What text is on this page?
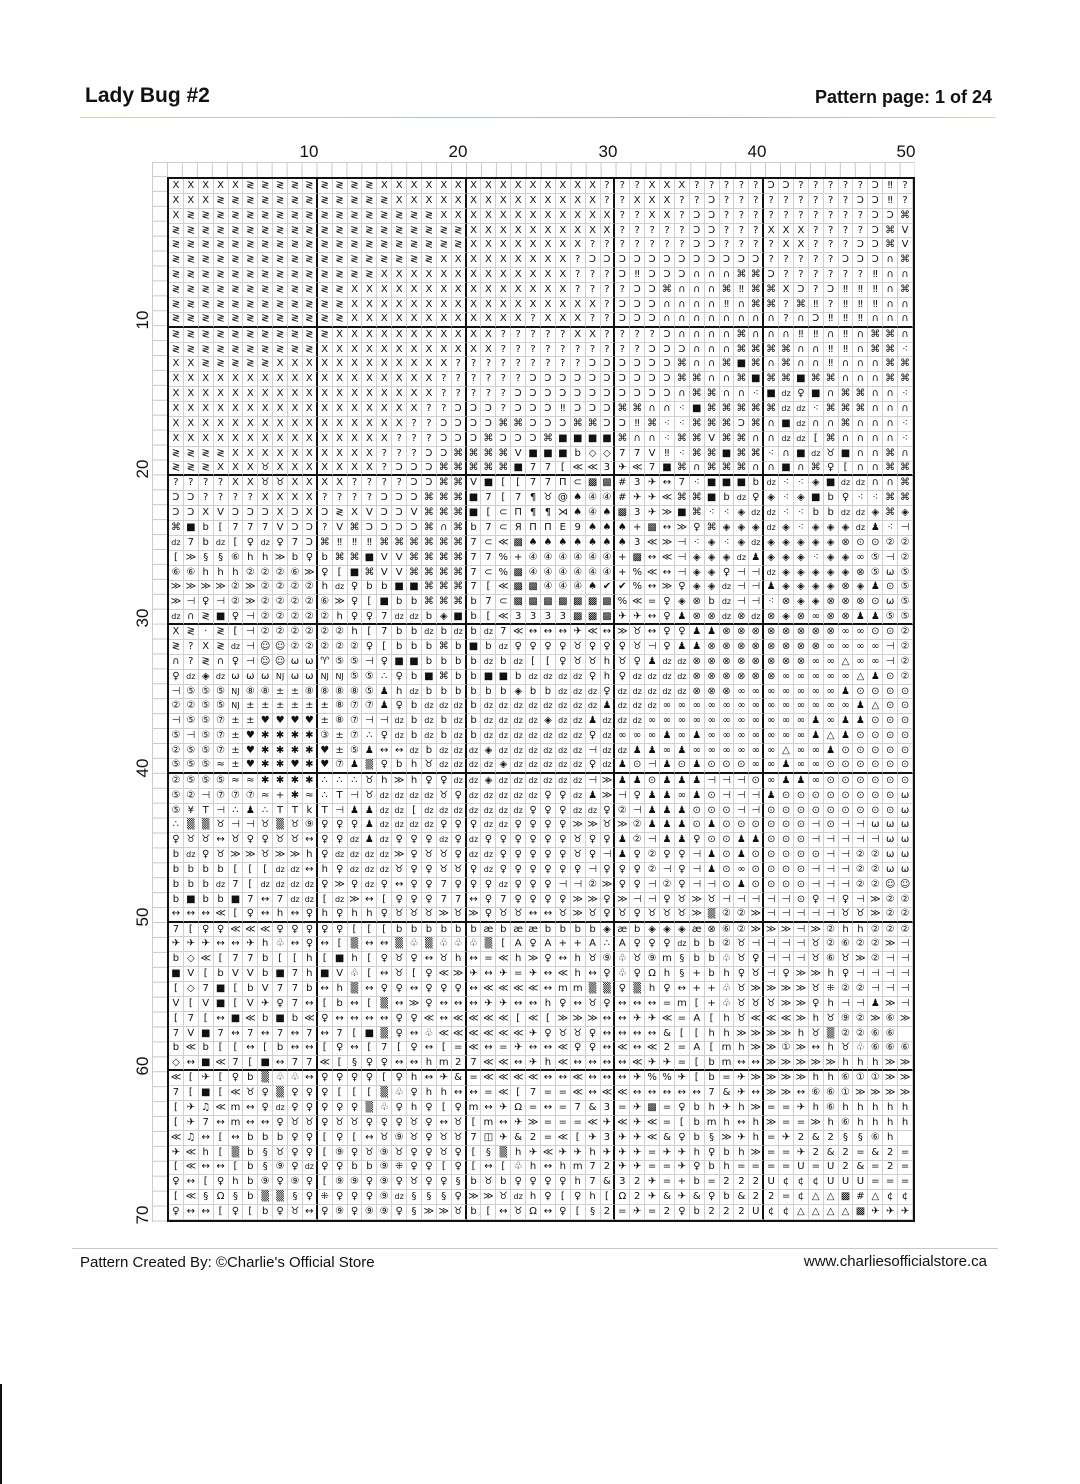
Lady Bug #2	Pattern page: 1 of 24
10	20	30	40	50
10
20
30
40
50
60
70
X X X X X ≷ ≷ ≷ ≷ ≷ ≷ ≷ ≷ ≷ X X X X X X X X X X X X X X X ?	? ? X X X ? ? ? ? ? Ɔ Ɔ ? ? ? ? ? Ɔ ‼ ?
X X X ≷ ≷ ≷ ≷ ≷ ≷ ≷ ≷ ≷ ≷ ≷ ≷ X X X X X X X X X X X X X X ?	? X X X ? ? Ɔ ? ? ?	? ? ? ? ? ? Ɔ Ɔ ‼ ?
X ≷ ≷ ≷ ≷ ≷ ≷ ≷ ≷ ≷ ≷ ≷ ≷ ≷ ≷ ≷ ≷ ≷ X X X X X X X X X X X X ? ? X X ? Ɔ Ɔ ? ? ?	? ? ? ? ? ? ? Ɔ Ɔ ⌘
≷ ≷ ≷ ≷ ≷ ≷ ≷ ≷ ≷ ≷ ≷ ≷ ≷ ≷ ≷ ≷ ≷ ≷ ≷ ≷ X X X X X X X X X X ? ? ? ? ? Ɔ Ɔ ? ? ? X X X ? ? ? ? Ɔ ⌘ V
≷ ≷ ≷ ≷ ≷ ≷ ≷ ≷ ≷ ≷ ≷ ≷ ≷ ≷ ≷ ≷ ≷ ≷ ≷ ≷ X X X X X X X X ? ?	? ? ? ? ? Ɔ Ɔ ? ? ?	? X X ? ? ? Ɔ Ɔ ⌘ V
≷ ≷ ≷ ≷ ≷ ≷ ≷ ≷ ≷ ≷ ≷ ≷ ≷ ≷ ≷ ≷ ≷ ≷ X X X X X X X X X ? Ɔ Ɔ Ɔ Ɔ Ɔ Ɔ Ɔ Ɔ Ɔ Ɔ Ɔ Ɔ ? ? ? ? ? Ɔ Ɔ Ɔ ∩ ⌘
≷ ≷ ≷ ≷ ≷ ≷ ≷ ≷ ≷ ≷ ≷ ≷ ≷ ≷ X X X X X X X X X X X X X ? ? ? Ɔ ‼ Ɔ Ɔ Ɔ ∩ ∩ ∩ ⌘ ⌘ Ɔ ? ? ? ? ? ? ‼ ∩ ∩
≷ ≷ ≷ ≷ ≷ ≷ ≷ ≷ ≷ ≷ ≷ ≷ X X X X X X X X X X X X X X X ? ? ?	? Ɔ Ɔ ⌘ ∩ ∩ ∩ ⌘ ‼ ⌘ ⌘ X Ɔ ? Ɔ ‼	‼	‼ ∩ ⌘
≷ ≷ ≷ ≷ ≷ ≷ ≷ ≷ ≷ ≷ ≷ ≷ X X X X X X X X X X X X X X X X X ? Ɔ Ɔ Ɔ ∩ ∩ ∩ ∩ ‼ ∩ ⌘ ⌘ ? ⌘ ‼ ? ‼	‼	‼ ∩ ∩
≷ ≷ ≷ ≷ ≷ ≷ ≷ ≷ ≷ ≷ ≷ ≷ X X X X X X X X X X X X ? X X X ? ? Ɔ Ɔ Ɔ ∩ ∩ ∩ ∩ ∩ ∩ ∩ ∩ ? ∩ Ɔ ‼	‼	‼ ∩ ∩ ∩
≷ ≷ ≷ ≷ ≷ ≷ ≷ ≷ ≷ ≷ ≷ X X X X X X X X X X X ? ? ? ? ? X X ?	? ? ? Ɔ ∩ ∩ ∩ ∩ ⌘ ∩ ∩ ∩ ‼	‼ ∩ ‼ ∩ ⌘ ⌘ ∩
≷ ≷ ≷ ≷ ≷ ≷ ≷ ≷ ≷ ≷ X X X X X X X X X X X X ? ? ? ? ? ? ? ?	? ? Ɔ Ɔ Ɔ ∩ ∩ ∩ ⌘ ⌘ ⌘ ⌘ ∩ ∩ ‼	‼ ∩ ⌘ ⌘ ⁖
X X ≷ ≷ ≷ ≷ ≷ X X X X X X X X X X X X ?	? ? ? ? ? ? ? ? Ɔ Ɔ Ɔ Ɔ Ɔ Ɔ ⌘ ∩ ∩ ⌘ ■ ⌘ ∩ ⌘ ∩ ∩ ‼ ∩ ∩ ∩ ⌘ ⌘
X X X X X X X X X X X X X X X X X X ? ?	? ? ? ? Ɔ Ɔ Ɔ Ɔ Ɔ Ɔ Ɔ Ɔ Ɔ Ɔ ⌘ ⌘ ∩ ∩ ⌘ ■ ⌘ ⌘ ■ ⌘ ⌘ ∩ ∩ ∩ ⌘ ⌘
X X X X X X X X X X X X X X X X X X ? ?	? ? ? Ɔ Ɔ Ɔ Ɔ Ɔ Ɔ Ɔ Ɔ Ɔ Ɔ Ɔ ∩ ⌘ ⌘ ∩ ∩ ⁖ ■ dz ♀ ■ ∩ ⌘ ⌘ ∩ ∩ ⁖
X X X X X X X X X X X X X X X X X ? ? Ɔ Ɔ Ɔ ? Ɔ Ɔ Ɔ ‼ Ɔ Ɔ Ɔ ⌘ ⌘ ∩ ∩ ⁖ ■ ⌘ ⌘ ⌘ ⌘ ⌘ dz dz ⁖ ⌘ ⌘ ⌘ ∩ ∩ ∩
X X X X X X X X X X X X X X X X ? ? Ɔ Ɔ Ɔ Ɔ ⌘ ⌘ Ɔ Ɔ Ɔ ⌘ ⌘ Ɔ Ɔ ‼ ⌘ ⁖ ⁖ ⌘ ⌘ ⌘ Ɔ ⌘ ∩ ■ dz ∩ ∩ ⌘ ∩ ∩ ∩ ⁖
X X X X X X X X X X X X X X X ? ? ? Ɔ Ɔ Ɔ ⌘ Ɔ Ɔ Ɔ ⌘ ■ ■ ■ ■ ⌘ ∩ ∩ ⁖ ⌘ ⌘ V ⌘ ⌘ ∩ ∩ dz dz [ ⌘ ∩ ∩ ∩ ∩ ⁖
≷ ≷ ≷ ≷ X X X X X X X X X X ? ? ? Ɔ Ɔ ⌘ ⌘ ⌘ ⌘ V ■ ■ ■ b ◇ ◇ 7 7 V ‼ ⁖ ⌘ ⌘ ■ ⌘ ⌘ ⁖ ∩ ■ dz ♉ ■ ∩ ∩ ⌘ ∩
≷ ≷ ≷ X X X ♉ X X X X X X X ? Ɔ Ɔ Ɔ ⌘ ⌘ ⌘ ⌘ ⌘ ■ 7 7 [ ≪ ≪ 3 ✈ ≪ 7 ■ ⌘ ∩ ⌘ ⌘ ⌘ ∩ ∩ ■ ∩ ⌘ ♀ [ ∩ ∩ ⌘ ⌘
? ? ? ? X X ♉ ♉ X X X X ? ? ? ? Ɔ Ɔ ⌘ ⌘ V ■ [	[ 7 7 Π ⊂ ▩ ▩ # 3 ✈ ↔ 7 ⁖ ■ ■ ■ b dz ⁖ ⁖ ◈ ■ dz dz ∩ ∩ ⌘
Ɔ Ɔ ? ? ? ? X X X X ? ? ? ? Ɔ Ɔ Ɔ ⌘ ⌘ ⌘ ■ 7 [ 7 ¶ ♉ @ ♠ ④ ④ # ✈ ✈ ≪ ⌘ ⌘ ■ b dz ♀ ◈ ⁖ ◈ ■ b ♀ ⁖ ⁖ ⌘ ⌘
Ɔ Ɔ X V Ɔ Ɔ Ɔ X Ɔ X Ɔ ≷ X V Ɔ Ɔ V ⌘ ⌘ ⌘ ■ [ ⊂ Π ¶ ¶ ⋊ ♠ ④ ♠ ▩ 3 ✈ ≫ ■ ⌘ ⁖ ⁖ ◈ dz dz ⁖ ⁖ b b dz dz ◈ ⌘ ◈
⌘ ■ b [ 7 7 7 V Ɔ Ɔ ? V ⌘ Ɔ Ɔ Ɔ Ɔ ⌘ ∩ ⌘ b 7 ⊂ Я Π Π E 9 ♠ ♠ ♠ + ▩ ↔ ≫ ♀ ⌘ ◈ ◈ ◈ dz ◈ ⁖ ◈ ◈ ◈ dz ♟ ⁖ ⊣
dz 7 b dz [ ♀ dz ♀ 7 Ɔ ⌘ ‼	‼	‼ ⌘ ⌘ ⌘ ⌘ ⌘ ⌘ 7 ⊂ ≪ ▩ ♠ ♠ ♠ ♠ ♠ ♠ ♠ 3 ≪ ≫ ⊣ ⁖ ◈ ⁖ ◈ dz ◈ ◈ ◈ ◈ ◈ ⊗ ⊙ ⊙ ② ②
[ ≫ § § ⑥ h h ≫ b ♀ b ⌘ ⌘ ■ V V ⌘ ⌘ ⌘ ⌘ 7 7 % + ④ ④ ④ ④ ④ ④ + ▩ ↔ ≪ ⊣ ◈ ◈ ◈ dz ♟ ◈ ◈ ◈ ⁖ ◈ ◈ ∞ ⑤ ⊣ ②
⑥ ⑥ h h h ② ② ② ⑥ ≫ ♀ [ ■ ⌘ V V ⌘ ⌘ ⌘ ⌘ 7 ⊂ % ▩ ④ ④ ④ ④ ④ ④ + % ≪ ↔ ⊣ ◈ ◈ ♀ ⊣ ⊣ dz ◈ ◈ ◈ ◈ ◈ ⊗ ⑤ ω ⑤
≫ ≫ ≫ ≫ ② ≫ ② ② ② ② h dz ♀ b b ■ ■ ⌘ ⌘ ⌘ 7 [ ≪ ▩ ▩ ④ ④ ④ ♠ ✔ ✔ % ↔ ≫ ♀ ◈ ◈ dz ⊣ ⊣ ♟ ◈ ◈ ◈ ◈ ⊗ ◈ ♟ ⊙ ⑤
≫ ⊣ ♀ ⊣ ② ≫ ② ② ② ② ⑥ ≫ ♀ [ ■ b b ⌘ ⌘ ⌘ b 7 ⊂ ▩ ▩ ▩ ▩ ▩ ▩ ▩ % ≪ = ♀ ◈ ⊗ b dz ⊣ ⊣ ⁖ ⊗ ◈ ◈ ⊗ ⊗ ⊗ ⊙ ω ⑤
dz ∩ ≷ ■ ♀ ⊣ ② ② ② ② ② h ♀ ♀ 7 dz dz b ◈ ■ b [ ≪ 3 3 3 3 ▩ ▩ ▩ ✈ ✈ ↔ ♀ ♟ ⊗ ⊗ dz ⊗ dz ⊗ ◈ ⊗ ∞ ⊗ ⊗ ♟ ♟ ⑤ ⑤
X ≷ · ≷ [ ⊣ ② ② ② ② ② ② h [ 7 b b dz b dz b dz 7 ≪ ↔ ↔ ↔ ✈ ≪ ↔ ≫ ♉ ↔ ♀ ♀ ♟ ♟ ⊗ ⊗ ⊗ ⊗ ⊗ ⊗ ⊗ ⊗ ∞ ∞ ⊙ ⊙ ②
≷ ? X ≷ dz ⊣ ☺ ☺ ② ② ② ② ② ♀ [ b b b ⌘ b ■ b dz ♀ ♀ ♀ ♀ ♉ ♀ ♀ ♀ ♉ ⊣ ♀ ♟ ♟ ⊗ ⊗ ⊗ ⊗ ⊗ ⊗ ⊗ ⊗ ∞ ∞ ∞ ∞ ⊣ ②
∩ ? ≷ ∩ ♀ ⊣ ☺ ☺ ω ω ♈ ⑤ ⑤ ⊣ ♀ ■ ■ b b b b dz b dz [	[ ♀ ♉ ♉ h ♉ ♀ ♟ dz dz ⊗ ⊗ ⊗ ⊗ ⊗ ⊗ ⊗ ⊗ ∞ ∞ △ ∞ ∞ ⊣ ②
♀ dz ◈ dz ω ω ω NJ ω ω NJ NJ ⑤ ⑤ ∴ ♀ b ■ ⌘ b b ■ ■ b dz dz dz dz ♀ h ♀ dz dz dz dz ⊗ ⊗ ⊗ ⊗ ⊗ ⊗ ∞ ∞ ∞ ∞ ∞ △ ♟ ⊙ ②
⊣ ⑤ ⑤ ⑤ NJ ⑧ ⑧ ± ± ⑧ ⑧ ⑧ ⑧ ⑤ ♟ h dz b b b b b b ◈ b b dz dz dz ♀ dz dz dz dz dz ⊗ ⊗ ⊗ ∞ ∞ ∞ ∞ ∞ ∞ ∞ ♟ ⊙ ⊙ ⊙ ⊙
② ② ⑤ ⑤ NJ ± ± ± ± ± ± ⑧ ⑦ ⑦ ♟ ♀ b dz dz dz b dz dz dz dz dz dz dz dz ♟ dz dz dz ∞ ∞ ∞ ∞ ∞ ∞ ∞ ∞ ∞ ∞ ∞ ∞ ∞ ♟ △ ⊙ ⊙
⊣ ⑤ ⑤ ⑦ ± ± ♥ ♥ ♥ ♥ ± ⑧ ⑦ ⊣ ⊣ dz b dz b dz b dz dz dz dz ◈ dz dz ♟ dz dz dz ∞ ∞ ∞ ∞ ∞ ∞ ∞ ∞ ∞ ∞ ∞ ♟ ∞ ♟ ♟ ⊙ ⊙ ⊙
⑤ ⊣ ⑤ ⑦ ± ♥ ✱ ✱ ✱ ✱ ③ ± ⑦ ∴ ♀ dz b dz b dz b dz dz dz dz dz dz dz ♀ dz ∞ ∞ ∞ ♟ ∞ ♟ ∞ ∞ ∞ ∞ ∞ ∞ ∞ ♟ △ ♟ ⊙ ⊙ ⊙ ⊙
② ⑤ ⑤ ⑦ ± ♥ ✱ ✱ ✱ ✱ ♥ ± ⑤ ♟ ↔ ↔ dz b dz dz dz ◈ dz dz dz dz dz dz ⊣ dz dz ♟ ♟ ∞ ♟ ∞ ∞ ∞ ∞ ∞ ∞ △ ∞ ∞ ♟ ⊙ ⊙ ⊙ ⊙ ⊙
⑤ ⑤ ⑤ ≈ ± ♥ ✱ ✱ ♥ ✱ ♥ ⑦ ♟ ▒ ♀ b h ♉ dz dz dz dz ◈ dz dz dz dz dz ♀ dz ♟ ⊙ ⊣ ♟ ⊙ ♟ ⊙ ⊙ ⊙ ∞ ∞ ♟ ∞ ∞ ⊙ ⊙ ⊙ ⊙ ⊙ ⊙
② ⑤ ⑤ ⑤ ≈ ≈ ✱ ✱ ✱ ✱ ∴ ∴ ∴ ♉ h ≫ h ♀ ♀ dz dz ◈ dz dz dz dz dz dz ⊣ ≫ ♟ ♟ ⊙ ♟ ♟ ♟ ⊣ ⊣ ⊣ ⊙ ∞ ♟ ♟ ∞ ⊙ ⊙ ⊙ ⊙ ⊙ ⊙
⑤ ② ⊣ ⑦ ⑦ ⑦ ≈ + ✱ ≈ ∴ T ⊣ ♉ dz dz dz dz ♉ ♀ dz dz dz dz dz ♀ ♀ dz ♟ ≫ ⊣ ♀ ♟ ♟ ∞ ♟ ⊙ ⊣ ⊣ ⊣ ♟ ⊙ ⊙ ⊙ ⊙ ⊙ ⊙ ⊙ ⊙ ω
⑤ ¥ T ⊣ ∴ ♟ ∴ T T k T ⊣ ♟ ♟ dz dz [	dz dz dz dz dz dz dz ♀ ♀ ♀ dz dz ♀ ② ⊣ ♟ ♟ ♟ ⊙ ⊙ ⊙ ⊣ ⊣ ⊙ ⊙ ⊙ ⊙ ⊙ ⊙ ⊙ ⊙ ⊙ ω
∴ ▒ ▒ ♉ ⊣ ⊣ ♉ ▒ ♉ ⑨ ♀ ♀ ♀ ♟ dz dz dz dz ♀ ♀ ♀ dz dz ♀ ♀ ♀ ♀ ≫ ≫ ♉ ≫ ② ♟ ♟ ♟ ⊙ ♟ ⊙ ⊙ ⊙ ⊙ ⊙ ⊙ ⊣ ⊙ ⊣ ⊣ ω ω ω
♀ ♉ ♉ ↔ ♉ ♀ ♀ ♉ ♉ ↔ ♀ ♀ dz ♟ dz ♀ ♀ ♀ dz ♀ dz ♀ ♀ ♀ ♀ ♀ ♀ ♉ ♀ ♀ ♟ ② ⊣ ♟ ♟ ♀ ⊙ ⊙ ♟ ♟ ⊙ ⊙ ⊙ ⊣ ⊣ ⊣ ⊣ ⊣ ω ω
b dz ♀ ♉ ≫ ≫ ♉ ≫ ≫ h ♀ dz dz dz dz ≫ ♀ ♉ ♉ ♀ dz dz ♀ ♀ ♀ ♀ ♀ ♉ ♀ ⊣ ♟ ♀ ② ♀ ♀ ⊣ ♟ ⊙ ♟ ⊙ ⊙ ⊙ ⊙ ⊙ ⊣ ⊣ ② ② ω ω
b b b b [	[	[	dz dz ↔ h ♀ dz dz dz ♉ ♀ ♀ ♉ ♉ ♀ dz ♀ ♀ ♀ ♀ ♀ ♀ ⊣ ♀ ♀ ♀ ② ⊣ ♀ ⊣ ♟ ⊙ ∞ ⊙ ⊙ ⊙ ⊙ ⊣ ⊣ ⊣ ② ② ω ω
b b b dz 7 [	dz dz dz dz ♀ ≫ ♀ dz ♀ ↔ ♀ ♀ 7 ♀ ♀ ♀ dz ♀ ♀ ♀ ⊣ ⊣ ② ≫ ♀ ♀ ⊣ ② ♀ ⊣ ⊣ ⊙ ♟ ⊙ ⊙ ⊙ ⊙ ⊣ ⊣ ⊣ ② ② ☺ ☺
b ■ b b ■ 7 ↔ 7 dz dz [	dz ≫ ↔ [ ♀ ♀ ♀ 7 7 ↔ ♀ 7 ♀ ♀ ♀ ♀ ≫ ≫ ♀ ≫ ⊣ ⊣ ♀ ♉ ≫ ♉ ⊣ ⊣ ⊣ ⊣ ⊣ ⊙ ♀ ⊣ ♀ ⊣ ≫ ② ②
↔ ↔ ↔ ≪ [ ♀ ↔ h ↔ ♀ h ♀ h h ♀ ♉ ♉ ♉ ≫ ♉ ≫ ♀ ♉ ♉ ↔ ↔ ♉ ≫ ♉ ♀ ♉ ♀ ♉ ♉ ♉ ≫ ▒ ② ② ≫ ⊣ ⊣ ⊣ ⊣ ⊣ ♉ ♉ ≫ ② ②
7 [ ♀ ♀ ≪ ≪ ≪ ♀ ♀ ♀ ♀ ♀ [	[	[ b b b b b b æ b æ æ b b b b ◈ æ b ◈ ◈ ◈ æ ⊗ ⑥ ② ≫ ≫ ≫ ⊣ ≫ ② h h ② ② ②
✈ ✈ ✈ ↔ ↔ ✈ h ♧ ↔ ♀ ↔ [ ▒ ↔ ↔ ▒ ♧ ▒ ♧ ♧ ♧ ▒ [ A ♀ A + + A ∴ A ♀ ♀ ♀ dz b b ② ♉ ⊣ ⊣ ⊣ ⊣ ♉ ② ⑥ ② ② ≫ ⊣
b ◇ ≪ [ 7 7 b [	[ h	[ ■ h [ ♀ ♉ ♀ ↔ ♉ h ↔ = ≪ h ≫ ♀ ↔ h ♉ ⑨ ♧ ♉ ⑨ m § b b ♧ ♉ ♀ ⊣ ⊣ ⊣ ♉ ⑥ ♉ ≫ ② ⊣ ⊣
■ V [ b V V b ■ 7 h ■ V ♧ [ ↔ ♉ [ ♀ ≪ ≫ ✈ ↔ ✈ = ✈ ↔ ≪ h ↔ ♀ ♧ ♀ Ω h § + b h ♀ ♉ ⊣ ♀ ≫ ≫ h ♀ ⊣ ⊣ ⊣ ⊣
[ ◇ 7 ■ [ b V 7 7 b ↔ h ▒ ↔ ♀ ♀ ↔ ♀ ♀ ♀ ↔ ≪ ≪ ≪ ≪ ↔ m m ▒ ▒ ♀ ▒ h ♀ ↔ + + ♧ ♉ ≫ ≫ ≫ ≫ ♉ ⁜ ② ② ⊣ ⊣ ⊣
V [ V ■ [ V ✈ ♀ 7 ↔ [ b ↔ [ ▒ ↔ ≫ ♀ ↔ ↔ ↔ ✈ ✈ ↔ ↔ h ♀ ↔ ♉ ♀ ↔ ↔ ↔ = m [ + ♧ ♉ ♉ ♉ ≫ ≫ ♀ h ⊣ ⊣ ♟ ≫ ⊣
[ 7 [ ↔ ■ ≪ b ■ b ≪ ♀ ↔ ↔ ↔ ↔ ♀ ♀ ≪ ↔ ≪ ≪ ≪ ≪ [ ≪ [ ≫ ≫ ≫ ↔ ↔ ✈ ✈ ≪ = A [ h ♉ ≪ ≪ ≪ ≫ h ♉ ⑨ ② ≫ ⑥ ≫
7 V ■ 7 ↔ 7 ↔ 7 ↔ 7 ↔ 7 [ ■ ▒ ♀ ↔ ♧ ≪ ≪ ≪ ≪ ≪ ≪ ✈ ♀ ♉ ♉ ♀ ↔ ↔ ↔ ↔ & [	[ h h ≫ ≫ ≫ ≫ h ♉ ▒ ② ② ⑥ ⑥
b ≪ b [	[ ↔ [ b ↔ ↔ [ ♀ ↔ [ 7 [ ♀ ↔ [ = ≪ ↔ = ✈ ↔ ↔ ≪ ♀ ♀ ↔ ≪ ↔ ≪ 2 = A [ m h ≫ ≫ ① ≫ ↔ h ♉ ♧ ⑥ ⑥ ⑥
◇ ↔ ■ ≪ 7 [ ■ ↔ 7 7 ≪ [	§ ♀ ♀ ↔ ↔ h m 2 7 ≪ ≪ ↔ ✈ h ≪ ↔ ↔ ↔ ↔ ≪ ✈ ✈ = [ b m ↔ ↔ ≫ ≫ ≫ ≫ ≫ h h h ≫ ≫
≪ [ ✈ [ ♀ b ▒ ♧ ♧ ↔ ♀ ♀ ♀ ♀ [ ♀ h ↔ ✈ & = ≪ ≪ ≪ ≪ ↔ ↔ ≪ ↔ ↔ ↔ ✈ % % ✈ [ b = ✈ ≫ ≫ ≫ ≫ h h ⑥ ① ① ≫ ≫
7 [ ■ [ ≪ ♉ ♀ ▒ ♀ ♀ ♀ [	[	[ ▒ ♧ ♀ h h ↔ ↔ = ≪ [ 7 = = ≪ ↔ ≪ ≪ ↔ ↔ ↔ ↔ ↔ 7 & ✈ ↔ ≫ ≫ ↔ ⑥ ⑥ ① ≫ ≫ ≫ ≫
[ ✈ ♫ ≪ m ↔ ♀ dz ♀ ♀ ♀ ♀ ♀ ▒ ♧ ♀ h ♀ [ ♀ m ↔ ✈ Ω = ↔ = 7 & 3 = ✈ ▩ = ♀ b h ✈ h ≫ = = ✈ h ⑥ h h h h h
[ ✈ 7 ↔ m ↔ ↔ ♀ ♉ ♉ ♀ ♉ ♉ ♀ ♀ ♀ ♉ ♀ ↔ ♉ [ m ↔ ✈ ≫ = = = ≪ ✈ ≪ ✈ ≪ = [ b m h ↔ h ≫ = = ≫ h ⑥ h h h h
≪ ♫ ↔ [ ↔ b b b ♀ ♀ [ ♀ [ ↔ ♉ ⑨ ♉ ♀ ♉ ♉ 7 ◫ ✈ & 2 = ≪ [ ✈ 3 ✈ ✈ ≪ & ♀ b § ≫ ✈ h = ✈ 2 & 2 § § ⑥ h
✈ ≪ h [ ▒ b § ♉ ♀ ♀ [ ⑨ ♀ ♉ ⑨ ♉ ♀ ♀ ♉ ♀ [	§ ▒ h ✈ ≪ ✈ ✈ h ✈ ✈ ✈ = ✈ ✈ h ♀ b h ≫ = = ✈ 2 & 2 = & 2 =
[ ≪ ↔ ↔ [ b § ⑨ ♀ dz ♀ ♀ b b ⑨ ⁜ ♀ ♀ [ ♀ [ ↔ [ ♧ h ↔ h m 7 2 ✈ ✈ = = ✈ ♀ b h = = = = U = U 2 & = 2 =
♀ ↔ [ ♀ h b ⑨ ♀ ⑨ ♀ [ ⑨ ⑨ ♀ ⑨ ♀ ♉ ♀ ♀ § b ♉ b ♀ ♀ ♀ ♀ h 7 & 3 2 ✈ = + b = 2 2 2 U ¢ ¢ ¢ U U U = = =
[ ≪ § Ω § b ▒ ▒ § ♀ ⁜ ♀ ♀ ♀ ⑨ dz § § § ♀ ≫ ≫ ♉ dz h ♀ [ ♀ h [ Ω 2 ✈ & ✈ & ♀ b & 2 2 = ¢ △ △ ▩ # △ ¢ ¢
♀ ↔ ↔ [ ♀ [ b ♀ ♉ ↔ ♀ ⑨ ♀ ⑨ ⑨ ♀ § ≫ ≫ ♉ b [ ↔ ♉ Ω ↔ ♀ [	§ 2 = ✈ = 2 ♀ b 2 2 2 U ¢ ¢ △ △ △ △ ▩ ✈ ✈ ✈
Pattern Created By: ©Charlie's Official Store	www.charliesofficialstore.ca
